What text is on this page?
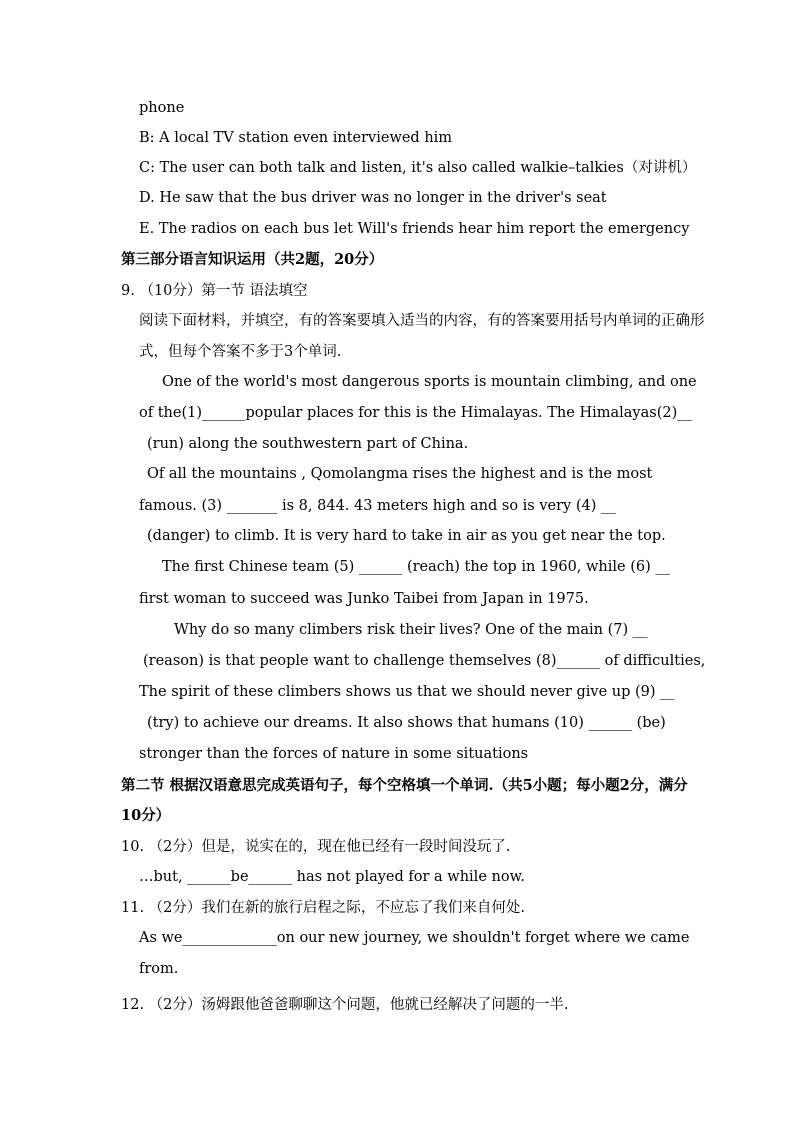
phone
B: A local TV station even interviewed him
C: The user can both talk and listen, it's also called walkie–talkies（对讲机）
D. He saw that the bus driver was no longer in the driver's seat
E. The radios on each bus let Will's friends hear him report the emergency
第三部分语言知识运用（共2题，20分）
9. （10分）第一节 语法填空
阅读下面材料，并填空，有的答案要填入适当的内容，有的答案要用括号内单词的正确形
式，但每个答案不多于3个单词.
One of the world's most dangerous sports is mountain climbing, and one
of the(1)______popular places for this is the Himalayas. The Himalayas(2)__
(run) along the southwestern part of China.
Of all the mountains , Qomolangma rises the highest and is the most
famous. (3) _______ is 8, 844. 43 meters high and so is very (4) __
(danger) to climb. It is very hard to take in air as you get near the top.
The first Chinese team (5) ______ (reach) the top in 1960, while (6) __
first woman to succeed was Junko Taibei from Japan in 1975.
Why do so many climbers risk their lives? One of the main (7) __
(reason) is that people want to challenge themselves (8)______ of difficulties,
The spirit of these climbers shows us that we should never give up (9) __
(try) to achieve our dreams. It also shows that humans (10) ______ (be)
stronger than the forces of nature in some situations
第二节 根据汉语意思完成英语句子，每个空格填一个单词.（共5小题；每小题2分，满分
10分）
10. （2分）但是，说实在的，现在他已经有一段时间没玩了.
…but, ______be______ has not played for a while now.
11. （2分）我们在新的旅行启程之际，不应忘了我们来自何处.
As we_____________on our new journey, we shouldn't forget where we came
from.
12. （2分）汤姆跟他爸爸聊聊这个问题，他就已经解决了问题的一半.
